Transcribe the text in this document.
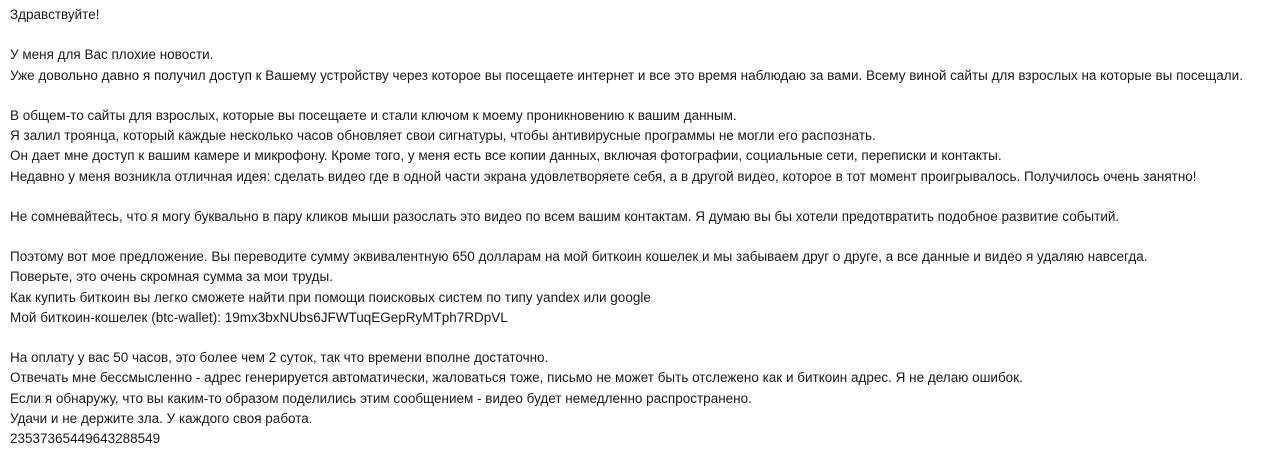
Здравствуйте!
У меня для Вас плохие новости.
Уже довольно давно я получил доступ к Вашему устройству через которое вы посещаете интернет и все это время наблюдаю за вами. Всему виной сайты для взрослых на которые вы посещали.
В общем-то сайты для взрослых, которые вы посещаете и стали ключом к моему проникновению к вашим данным.
Я залил троянца, который каждые несколько часов обновляет свои сигнатуры, чтобы антивирусные программы не могли его распознать.
Он дает мне доступ к вашим камере и микрофону. Кроме того, у меня есть все копии данных, включая фотографии, социальные сети, переписки и контакты.
Недавно у меня возникла отличная идея: сделать видео где в одной части экрана удовлетворяете себя, а в другой видео, которое в тот момент проигрывалось. Получилось очень занятно!
Не сомневайтесь, что я могу буквально в пару кликов мыши разослать это видео по всем вашим контактам. Я думаю вы бы хотели предотвратить подобное развитие событий.
Поэтому вот мое предложение. Вы переводите сумму эквивалентную 650 долларам на мой биткоин кошелек и мы забываем друг о друге, а все данные и видео я удаляю навсегда.
Поверьте, это очень скромная сумма за мои труды.
Как купить биткоин вы легко сможете найти при помощи поисковых систем по типу yandex или google
Мой биткоин-кошелек (btc-wallet): 19mx3bxNUbs6JFWTuqEGepRyMTph7RDpVL
На оплату у вас 50 часов, это более чем 2 суток, так что времени вполне достаточно.
Отвечать мне бессмысленно - адрес генерируется автоматически, жаловаться тоже, письмо не может быть отслежено как и биткоин адрес. Я не делаю ошибок.
Если я обнаружу, что вы каким-то образом поделились этим сообщением - видео будет немедленно распространено.
Удачи и не держите зла. У каждого своя работа.
23537365449643288549
